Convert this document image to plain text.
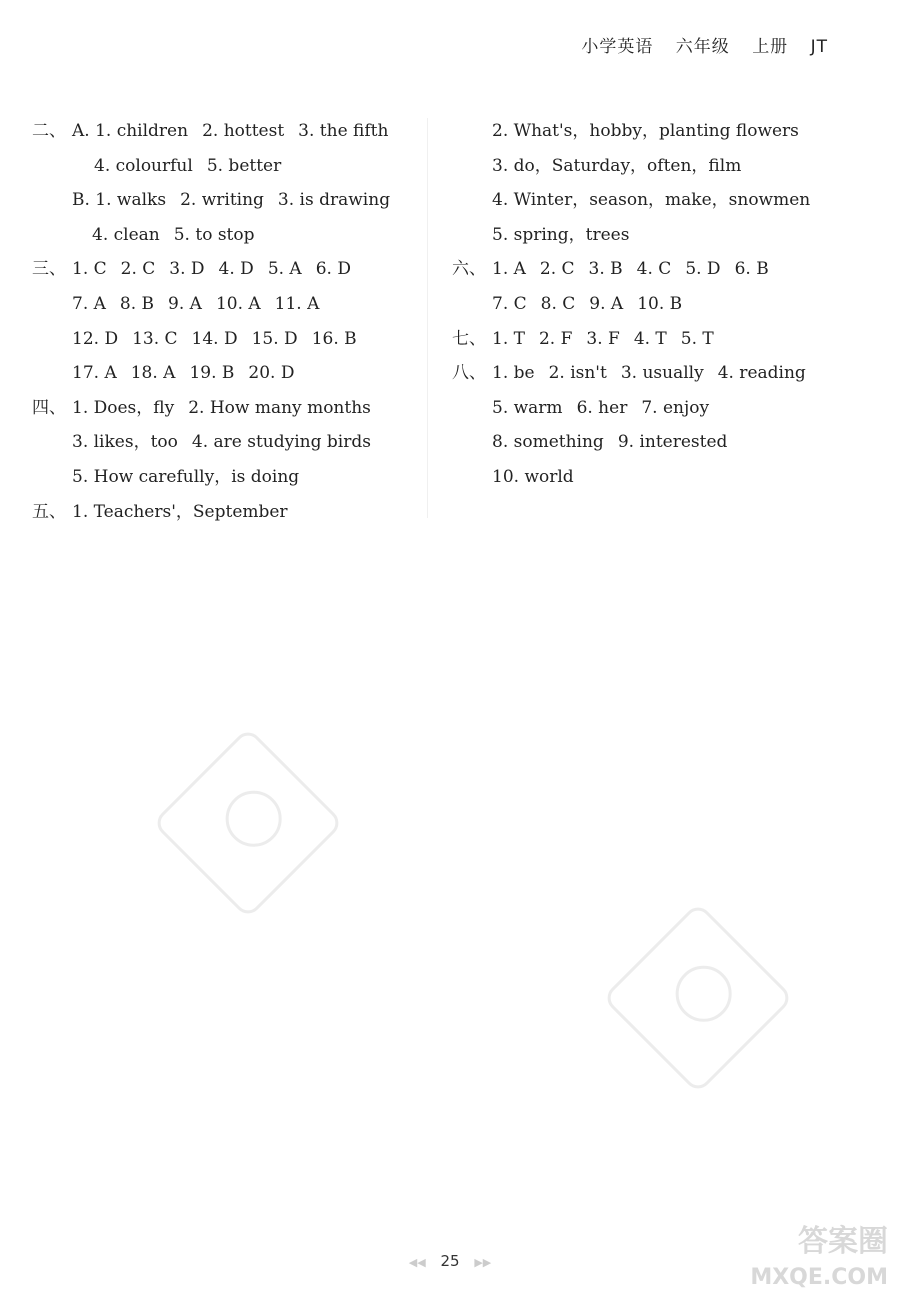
小学英语 六年级 上册 JT
二、 A. 1. children 2. hottest 3. the fifth
4. colourful 5. better
B. 1. walks 2. writing 3. is drawing
4. clean 5. to stop
三、 1. C 2. C 3. D 4. D 5. A 6. D
7. A 8. B 9. A 10. A 11. A
12. D 13. C 14. D 15. D 16. B
17. A 18. A 19. B 20. D
四、 1. Does，fly 2. How many months
3. likes，too 4. are studying birds
5. How carefully，is doing
五、 1. Teachers'，September
2. What's，hobby，planting flowers
3. do，Saturday，often，film
4. Winter，season，make，snowmen
5. spring，trees
六、 1. A 2. C 3. B 4. C 5. D 6. B
7. C 8. C 9. A 10. B
七、 1. T 2. F 3. F 4. T 5. T
八、 1. be 2. isn't 3. usually 4. reading
5. warm 6. her 7. enjoy
8. something 9. interested
10. world
◀◀ 25 ▶▶
答案圈
MXQE.COM
